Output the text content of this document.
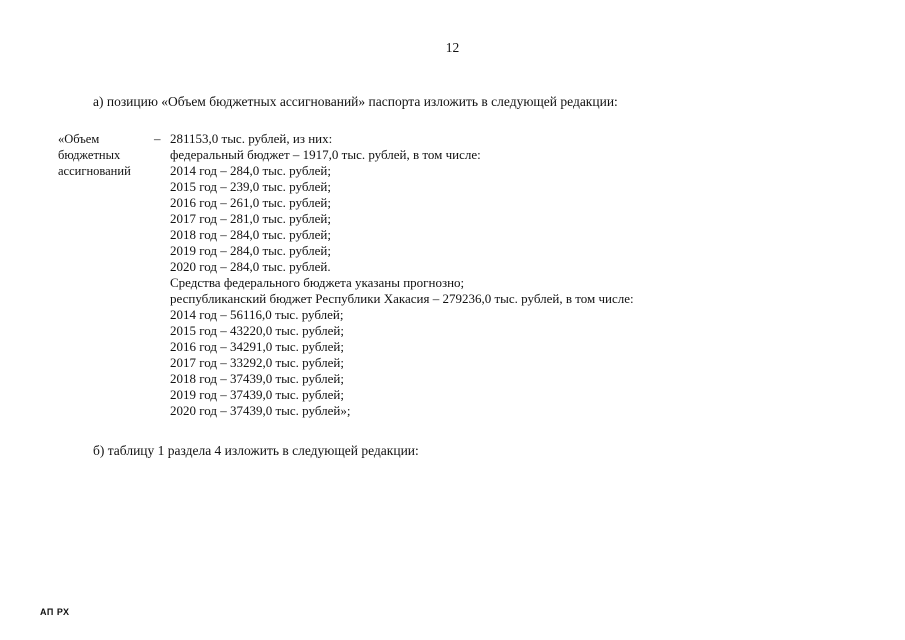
12
а) позицию «Объем бюджетных ассигнований» паспорта изложить в следующей редакции:
«Объем
бюджетных
ассигнований
– 281153,0 тыс. рублей, из них:
федеральный бюджет – 1917,0 тыс. рублей, в том числе:
2014 год – 284,0 тыс. рублей;
2015 год – 239,0 тыс. рублей;
2016 год – 261,0 тыс. рублей;
2017 год – 281,0 тыс. рублей;
2018 год – 284,0 тыс. рублей;
2019 год – 284,0 тыс. рублей;
2020 год – 284,0 тыс. рублей.
Средства федерального бюджета указаны прогнозно;
республиканский бюджет Республики Хакасия – 279236,0 тыс. рублей, в том числе:
2014 год – 56116,0 тыс. рублей;
2015 год – 43220,0 тыс. рублей;
2016 год – 34291,0 тыс. рублей;
2017 год – 33292,0 тыс. рублей;
2018 год – 37439,0 тыс. рублей;
2019 год – 37439,0 тыс. рублей;
2020 год – 37439,0 тыс. рублей»;
б) таблицу 1 раздела 4 изложить в следующей редакции:
АП РХ
